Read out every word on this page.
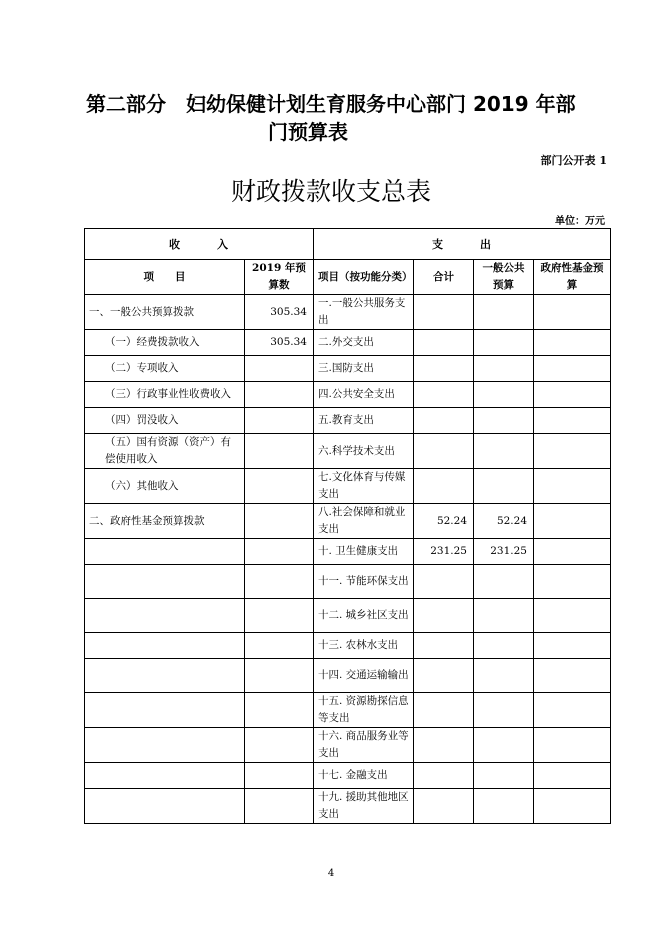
第二部分　妇幼保健计划生育服务中心部门 2019 年部
门预算表
部门公开表 1
财政拨款收支总表
单位：万元
收　　　入		支　　　出			
项　　目	2019 年预算数	项目（按功能分类）	合计	一般公共预算	政府性基金预算
一、一般公共预算拨款	305.34	一.一般公共服务支出			
（一）经费拨款收入	305.34	二.外交支出			
（二）专项收入		三.国防支出			
（三）行政事业性收费收入		四.公共安全支出			
（四）罚没收入		五.教育支出			
（五）国有资源（资产）有偿使用收入		六.科学技术支出			
（六）其他收入		七.文化体育与传媒支出			
二、政府性基金预算拨款		八.社会保障和就业支出	52.24	52.24	
		十. 卫生健康支出	231.25	231.25	
		十一. 节能环保支出			
		十二. 城乡社区支出			
		十三. 农林水支出			
		十四. 交通运输输出			
		十五. 资源勘探信息等支出			
		十六. 商品服务业等支出			
		十七. 金融支出			
		十九. 援助其他地区支出			
4
